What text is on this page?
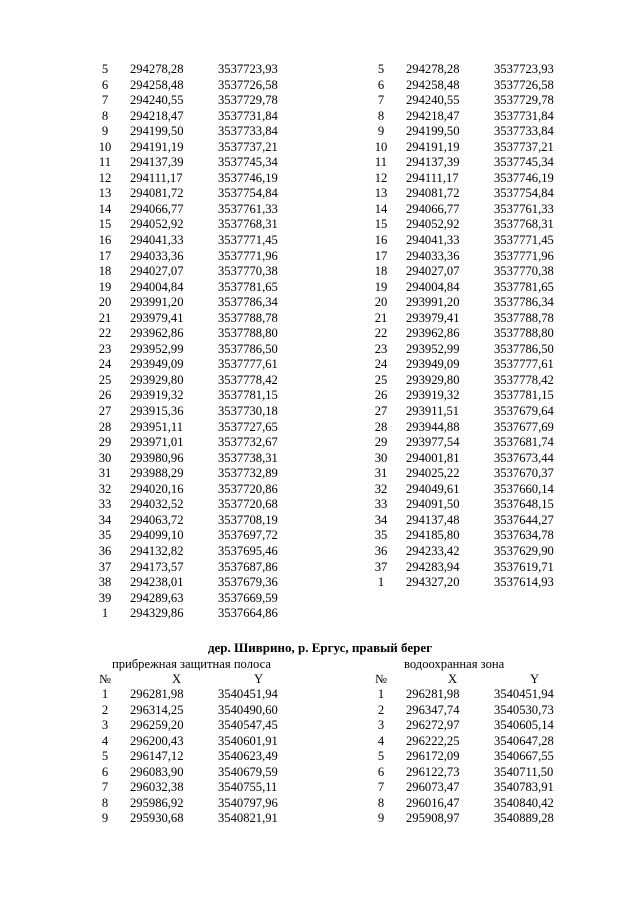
5	294278,28	3537723,93
6	294258,48	3537726,58
7	294240,55	3537729,78
8	294218,47	3537731,84
9	294199,50	3537733,84
10	294191,19	3537737,21
11	294137,39	3537745,34
12	294111,17	3537746,19
13	294081,72	3537754,84
14	294066,77	3537761,33
15	294052,92	3537768,31
16	294041,33	3537771,45
17	294033,36	3537771,96
18	294027,07	3537770,38
19	294004,84	3537781,65
20	293991,20	3537786,34
21	293979,41	3537788,78
22	293962,86	3537788,80
23	293952,99	3537786,50
24	293949,09	3537777,61
25	293929,80	3537778,42
26	293919,32	3537781,15
27	293915,36	3537730,18
28	293951,11	3537727,65
29	293971,01	3537732,67
30	293980,96	3537738,31
31	293988,29	3537732,89
32	294020,16	3537720,86
33	294032,52	3537720,68
34	294063,72	3537708,19
35	294099,10	3537697,72
36	294132,82	3537695,46
37	294173,57	3537687,86
38	294238,01	3537679,36
39	294289,63	3537669,59
1	294329,86	3537664,86
5	294278,28	3537723,93
6	294258,48	3537726,58
7	294240,55	3537729,78
8	294218,47	3537731,84
9	294199,50	3537733,84
10	294191,19	3537737,21
11	294137,39	3537745,34
12	294111,17	3537746,19
13	294081,72	3537754,84
14	294066,77	3537761,33
15	294052,92	3537768,31
16	294041,33	3537771,45
17	294033,36	3537771,96
18	294027,07	3537770,38
19	294004,84	3537781,65
20	293991,20	3537786,34
21	293979,41	3537788,78
22	293962,86	3537788,80
23	293952,99	3537786,50
24	293949,09	3537777,61
25	293929,80	3537778,42
26	293919,32	3537781,15
27	293911,51	3537679,64
28	293944,88	3537677,69
29	293977,54	3537681,74
30	294001,81	3537673,44
31	294025,22	3537670,37
32	294049,61	3537660,14
33	294091,50	3537648,15
34	294137,48	3537644,27
35	294185,80	3537634,78
36	294233,42	3537629,90
37	294283,94	3537619,71
1	294327,20	3537614,93
дер. Шиврино, р. Ергус, правый берег
прибрежная защитная полоса	водоохранная зона
№	X	Y	№	X	Y
1	296281,98	3540451,94
2	296314,25	3540490,60
3	296259,20	3540547,45
4	296200,43	3540601,91
5	296147,12	3540623,49
6	296083,90	3540679,59
7	296032,38	3540755,11
8	295986,92	3540797,96
9	295930,68	3540821,91
1	296281,98	3540451,94
2	296347,74	3540530,73
3	296272,97	3540605,14
4	296222,25	3540647,28
5	296172,09	3540667,55
6	296122,73	3540711,50
7	296073,47	3540783,91
8	296016,47	3540840,42
9	295908,97	3540889,28
